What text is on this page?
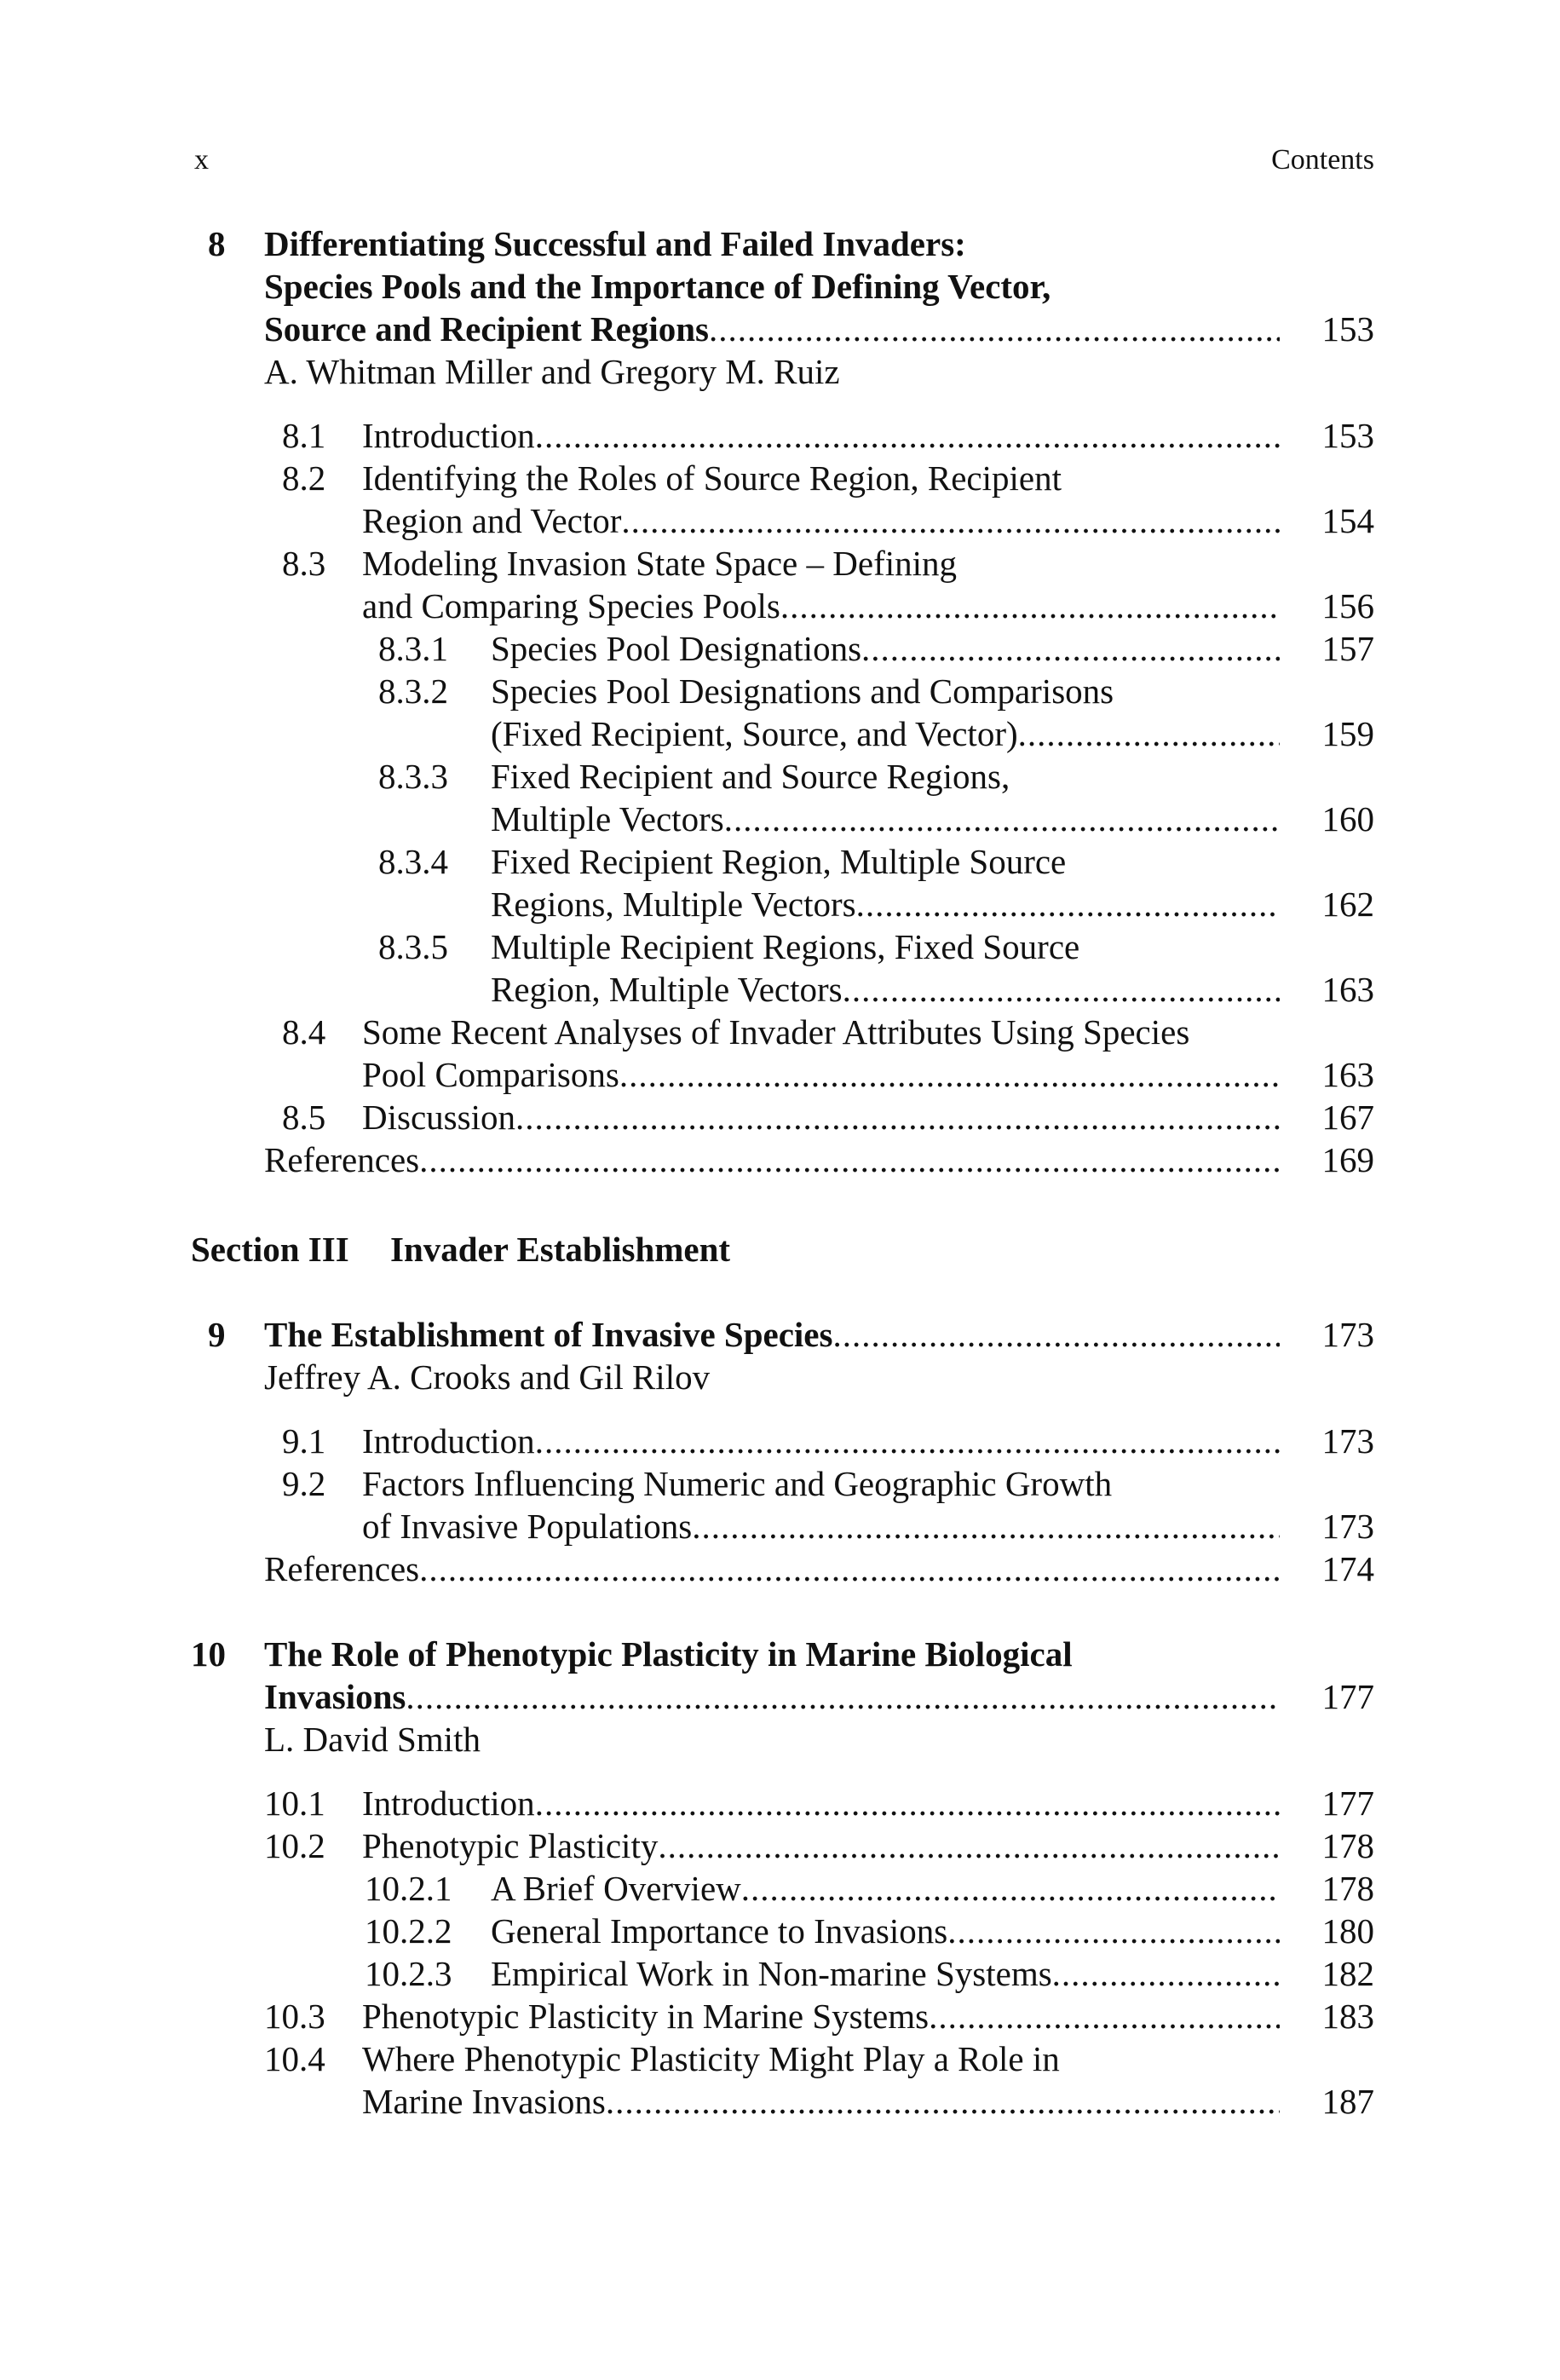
x	Contents
8 Differentiating Successful and Failed Invaders:
Species Pools and the Importance of Defining Vector,
Source and Recipient Regions .....	153
A. Whitman Miller and Gregory M. Ruiz
8.1 Introduction .....	153
8.2 Identifying the Roles of Source Region, Recipient
Region and Vector .....	154
8.3 Modeling Invasion State Space – Defining
and Comparing Species Pools .....	156
8.3.1 Species Pool Designations .....	157
8.3.2 Species Pool Designations and Comparisons
(Fixed Recipient, Source, and Vector) .....	159
8.3.3 Fixed Recipient and Source Regions,
Multiple Vectors .....	160
8.3.4 Fixed Recipient Region, Multiple Source
Regions, Multiple Vectors .....	162
8.3.5 Multiple Recipient Regions, Fixed Source
Region, Multiple Vectors .....	163
8.4 Some Recent Analyses of Invader Attributes Using Species
Pool Comparisons .....	163
8.5 Discussion .....	167
References .....	169
Section III Invader Establishment
9 The Establishment of Invasive Species .....	173
Jeffrey A. Crooks and Gil Rilov
9.1 Introduction .....	173
9.2 Factors Influencing Numeric and Geographic Growth
of Invasive Populations .....	173
References .....	174
10 The Role of Phenotypic Plasticity in Marine Biological
Invasions .....	177
L. David Smith
10.1 Introduction .....	177
10.2 Phenotypic Plasticity .....	178
10.2.1 A Brief Overview .....	178
10.2.2 General Importance to Invasions .....	180
10.2.3 Empirical Work in Non-marine Systems .....	182
10.3 Phenotypic Plasticity in Marine Systems .....	183
10.4 Where Phenotypic Plasticity Might Play a Role in
Marine Invasions .....	187
